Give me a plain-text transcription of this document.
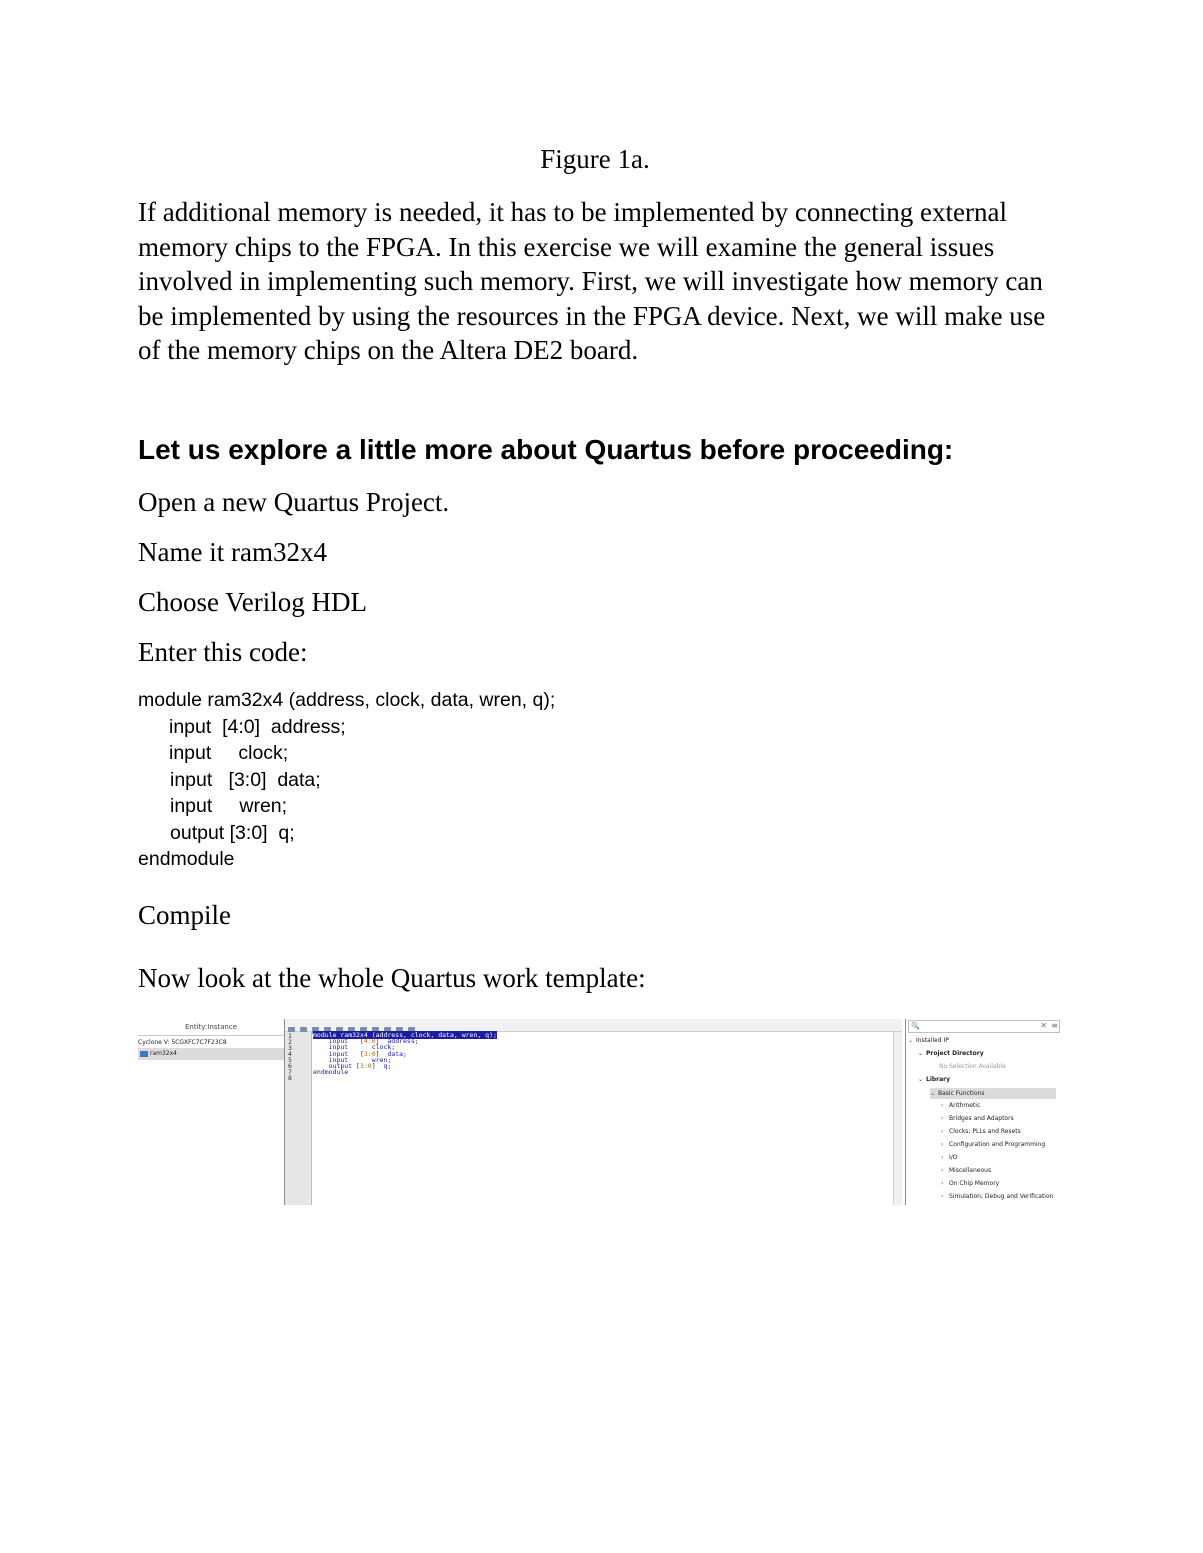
Figure 1a.
If additional memory is needed, it has to be implemented by connecting external memory chips to the FPGA. In this exercise we will examine the general issues involved in implementing such memory. First, we will investigate how memory can be implemented by using the resources in the FPGA device. Next, we will make use of the memory chips on the Altera DE2 board.
Let us explore a little more about Quartus before proceeding:
Open a new Quartus Project.
Name it ram32x4
Choose Verilog HDL
Enter this code:
module ram32x4 (address, clock, data, wren, q);
input  [4:0]  address;
input     clock;
input   [3:0]  data;
input     wren;
output [3:0]  q;
endmodule
Compile
Now look at the whole Quartus work template:
Entity:Instance
Cyclone V: 5CGXFC7C7F23C8
ram32x4
1
2
3
4
5
6
7
8
module ram32x4 (address, clock, data, wren, q);
input   [4:0]  address;
input      clock;
input   [3:0]  data;
input      wren;
output [3:0]  q;
endmodule
🔍	✕ ≡
⌄ Installed IP
⌄ Project Directory
No Selection Available
⌄ Library
⌄ Basic Functions
› Arithmetic
› Bridges and Adaptors
› Clocks; PLLs and Resets
› Configuration and Programming
› I/O
› Miscellaneous
› On Chip Memory
› Simulation; Debug and Verification
